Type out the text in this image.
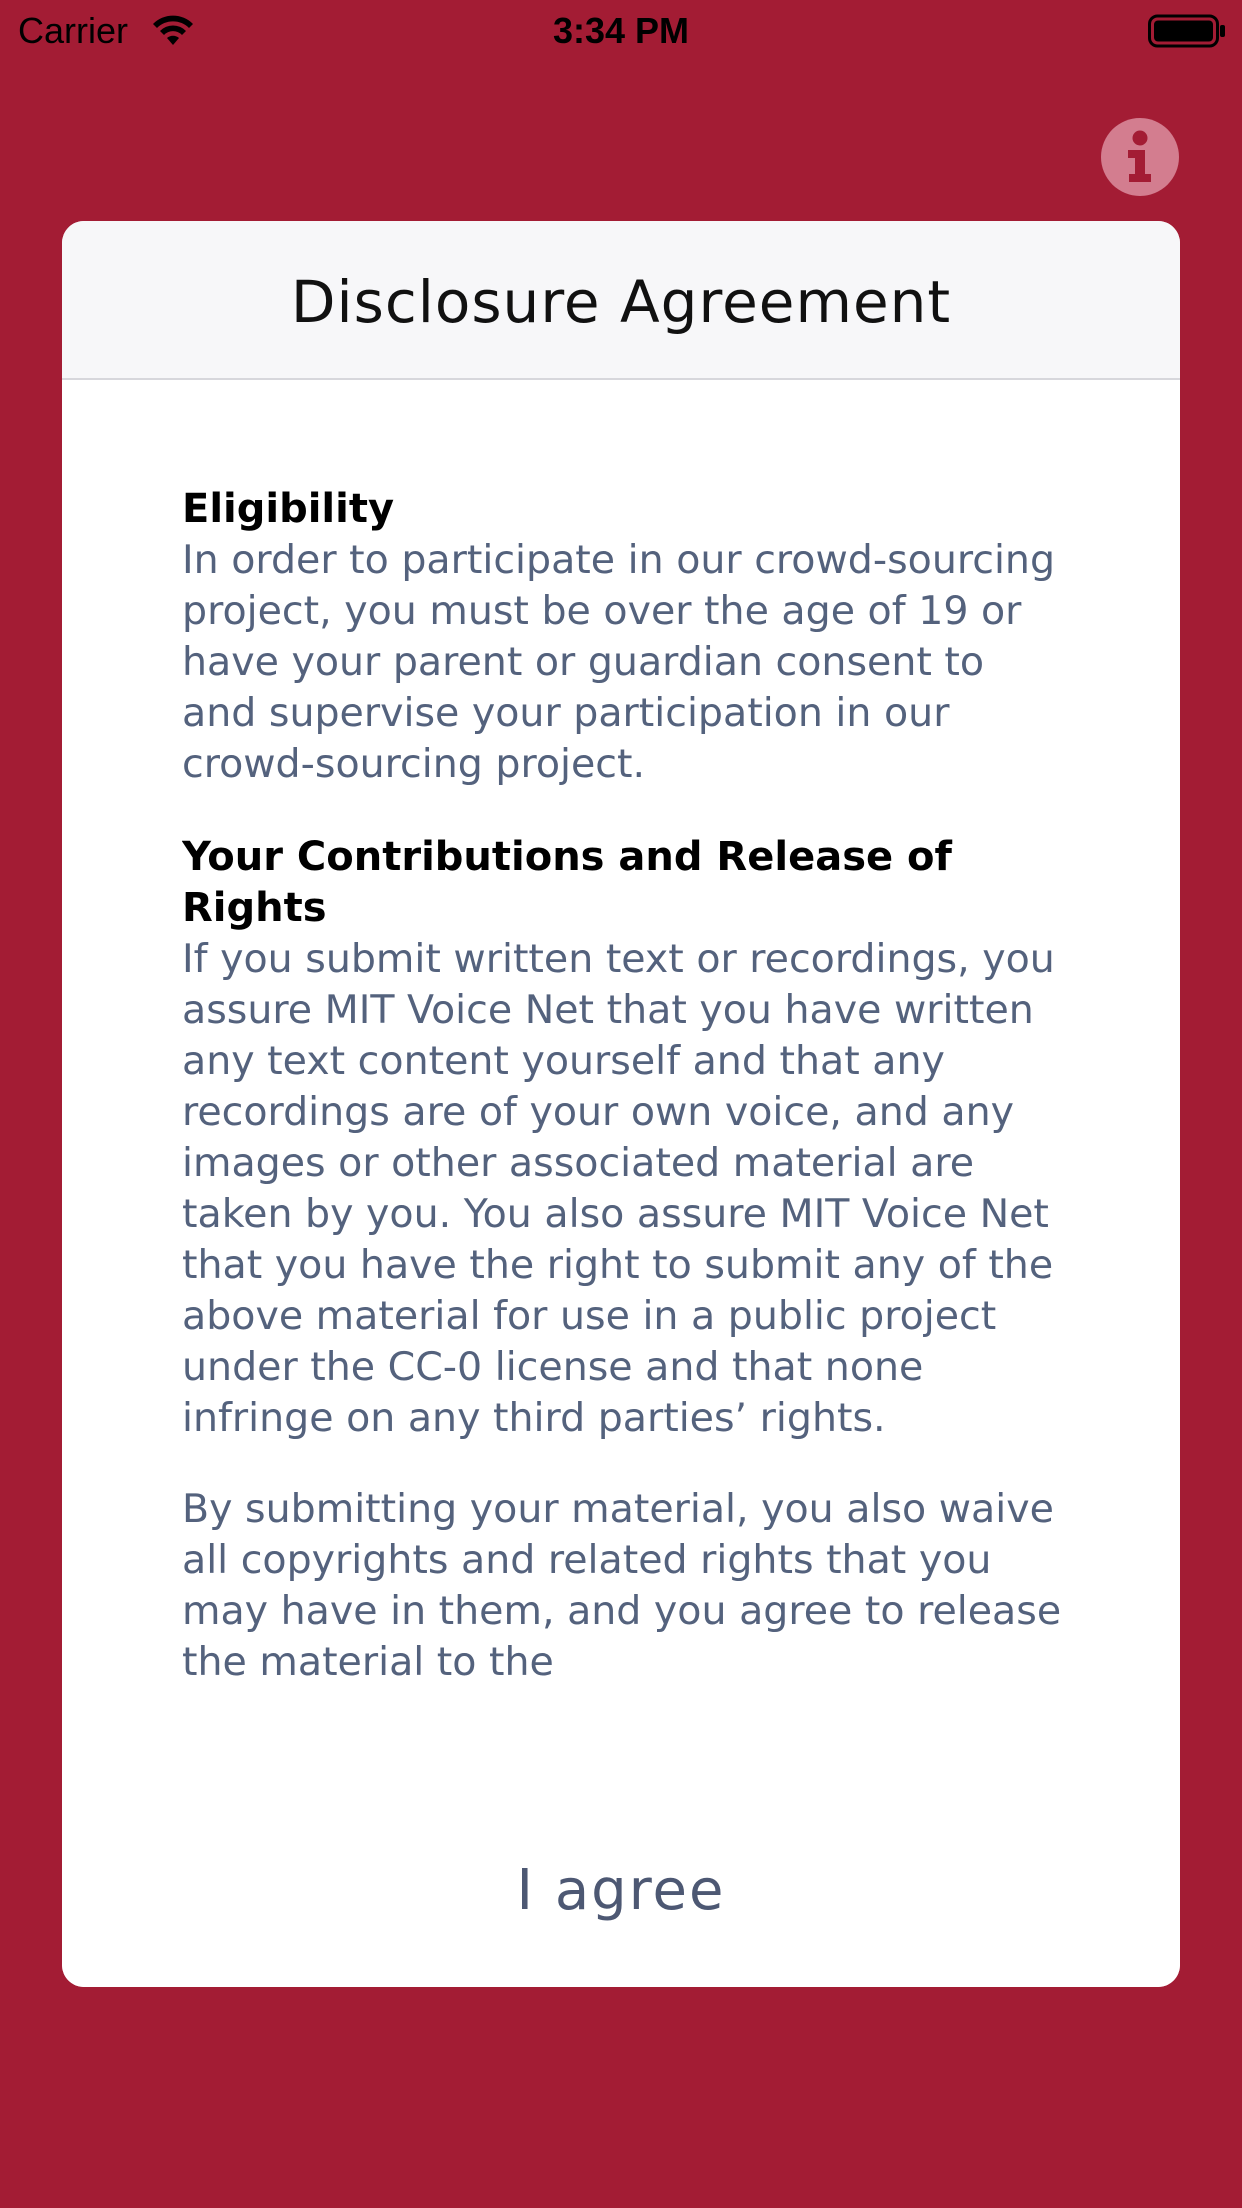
Carrier	3:34 PM
Disclosure Agreement

Eligibility

In order to participate in our crowd-sourcing project, you must be over the age of 19 or have your parent or guardian consent to and supervise your participation in our crowd-sourcing project.

Your Contributions and Release of Rights

If you submit written text or recordings, you assure MIT Voice Net that you have written any text content yourself and that any recordings are of your own voice, and any images or other associated material are taken by you. You also assure MIT Voice Net that you have the right to submit any of the above material for use in a public project under the CC-0 license and that none infringe on any third parties’ rights.

By submitting your material, you also waive all copyrights and related rights that you may have in them, and you agree to release the material to the

I agree
